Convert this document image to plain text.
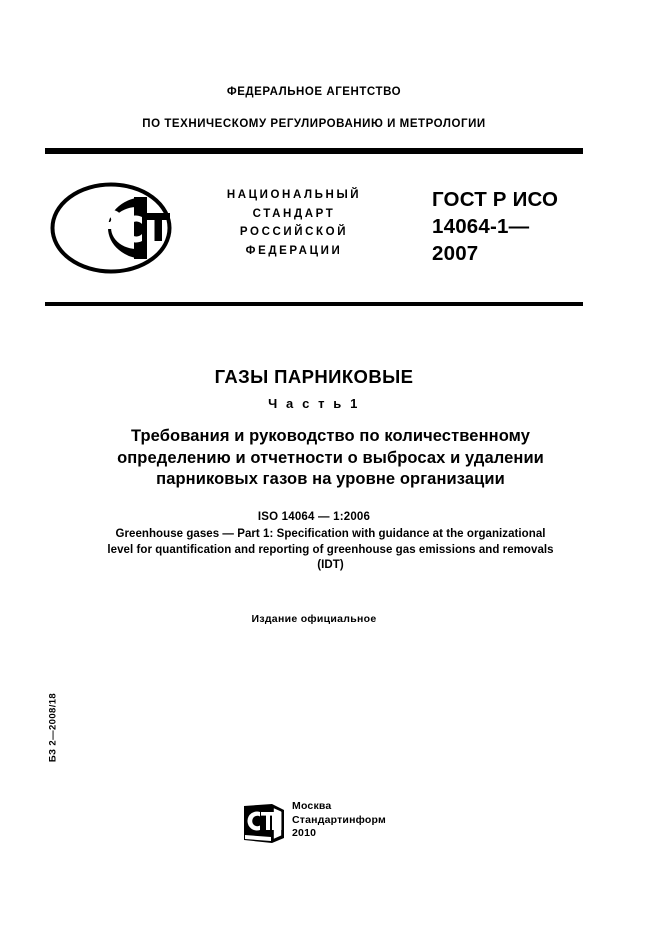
ФЕДЕРАЛЬНОЕ АГЕНТСТВО
ПО ТЕХНИЧЕСКОМУ РЕГУЛИРОВАНИЮ И МЕТРОЛОГИИ
НАЦИОНАЛЬНЫЙ
СТАНДАРТ
РОССИЙСКОЙ
ФЕДЕРАЦИИ
ГОСТ Р ИСО
14064-1—
2007
ГАЗЫ ПАРНИКОВЫЕ
Ч а с т ь 1
Требования и руководство по количественному
определению и отчетности о выбросах и удалении
парниковых газов на уровне организации
ISO 14064 — 1:2006
Greenhouse gases — Part 1: Specification with guidance at the organizational
level for quantification and reporting of greenhouse gas emissions and removals
(IDT)
Издание официальное
БЗ 2—2008/18
Москва
Стандартинформ
2010
